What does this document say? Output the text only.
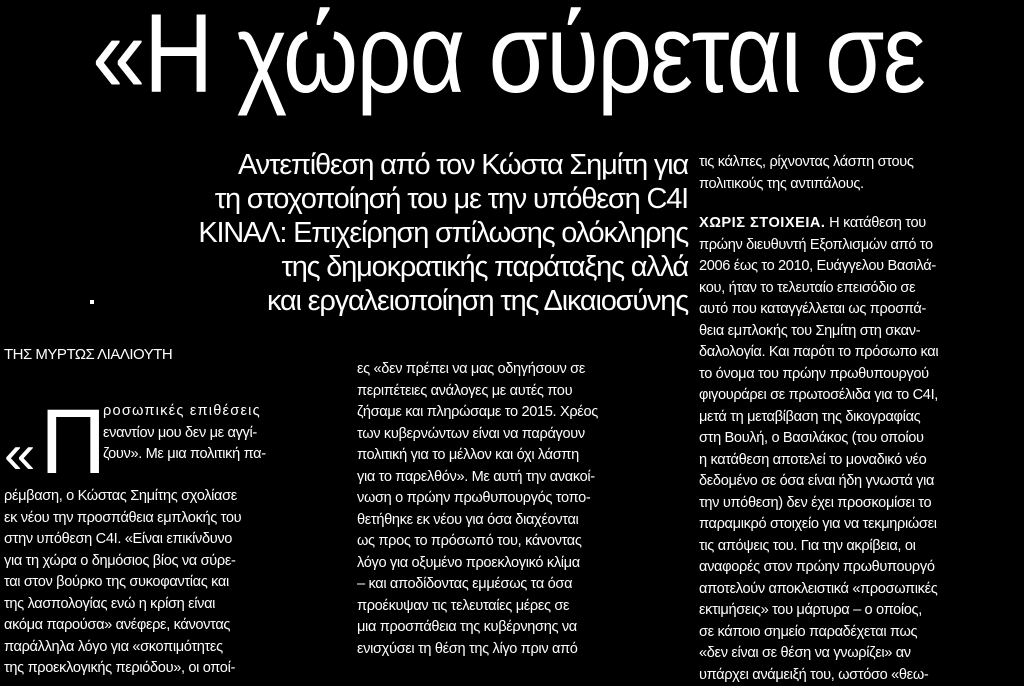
«Η χώρα σύρεται σε
Αντεπίθεση από τον Κώστα Σημίτη για
τη στοχοποίησή του με την υπόθεση C4I
ΚΙΝΑΛ: Επιχείρηση σπίλωσης ολόκληρης
της δημοκρατικής παράταξης αλλά
και εργαλειοποίηση της Δικαιοσύνης
ΤΗΣ ΜΥΡΤΩΣ ΛΙΑΛΙΟΥΤΗ
« Π
ροσωπικές επιθέσεις
εναντίον μου δεν με αγγί-
ζουν». Με μια πολιτική πα-
ρέμβαση, ο Κώστας Σημίτης σχολίασε
εκ νέου την προσπάθεια εμπλοκής του
στην υπόθεση C4I. «Είναι επικίνδυνο
για τη χώρα ο δημόσιος βίος να σύρε-
ται στον βούρκο της συκοφαντίας και
της λασπολογίας ενώ η κρίση είναι
ακόμα παρούσα» ανέφερε, κάνοντας
παράλληλα λόγο για «σκοπιμότητες
της προεκλογικής περιόδου», οι οποί-
ες «δεν πρέπει να μας οδηγήσουν σε
περιπέτειες ανάλογες με αυτές που
ζήσαμε και πληρώσαμε το 2015. Χρέος
των κυβερνώντων είναι να παράγουν
πολιτική για το μέλλον και όχι λάσπη
για το παρελθόν». Με αυτή την ανακοί-
νωση ο πρώην πρωθυπουργός τοπο-
θετήθηκε εκ νέου για όσα διαχέονται
ως προς το πρόσωπό του, κάνοντας
λόγο για οξυμένο προεκλογικό κλίμα
– και αποδίδοντας εμμέσως τα όσα
προέκυψαν τις τελευταίες μέρες σε
μια προσπάθεια της κυβέρνησης να
ενισχύσει τη θέση της λίγο πριν από
τις κάλπες, ρίχνοντας λάσπη στους
πολιτικούς της αντιπάλους.
ΧΩΡΙΣ ΣΤΟΙΧΕΙΑ. Η κατάθεση του
πρώην διευθυντή Εξοπλισμών από το
2006 έως το 2010, Ευάγγελου Βασιλά-
κου, ήταν το τελευταίο επεισόδιο σε
αυτό που καταγγέλλεται ως προσπά-
θεια εμπλοκής του Σημίτη στη σκαν-
δαλολογία. Και παρότι το πρόσωπο και
το όνομα του πρώην πρωθυπουργού
φιγουράρει σε πρωτοσέλιδα για το C4I,
μετά τη μεταβίβαση της δικογραφίας
στη Βουλή, ο Βασιλάκος (του οποίου
η κατάθεση αποτελεί το μοναδικό νέο
δεδομένο σε όσα είναι ήδη γνωστά για
την υπόθεση) δεν έχει προσκομίσει το
παραμικρό στοιχείο για να τεκμηριώσει
τις απόψεις του. Για την ακρίβεια, οι
αναφορές στον πρώην πρωθυπουργό
αποτελούν αποκλειστικά «προσωπικές
εκτιμήσεις» του μάρτυρα – ο οποίος,
σε κάποιο σημείο παραδέχεται πως
«δεν είναι σε θέση να γνωρίζει» αν
υπάρχει ανάμειξή του, ωστόσο «θεω-
